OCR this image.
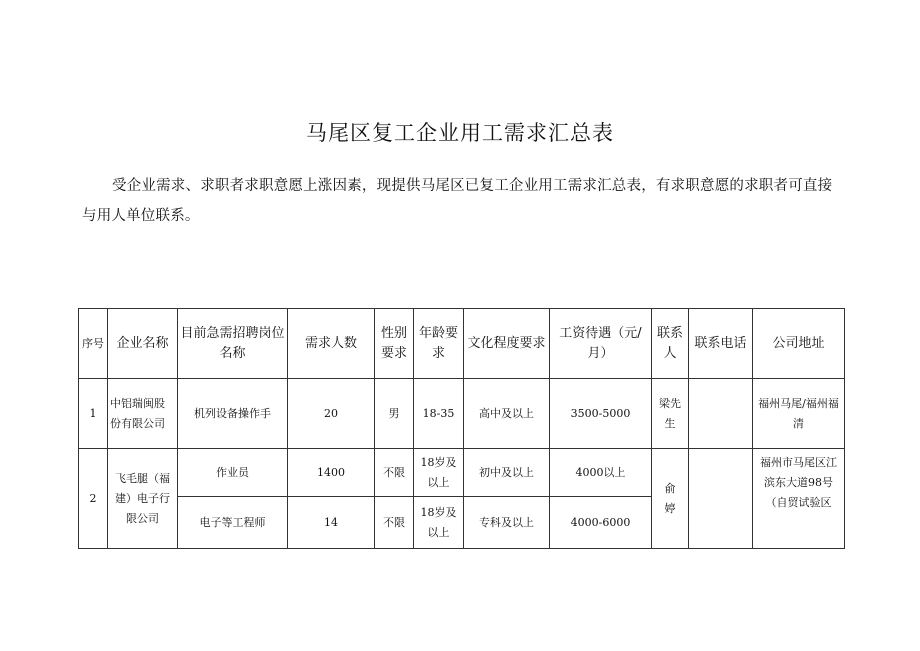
马尾区复工企业用工需求汇总表
受企业需求、求职者求职意愿上涨因素，现提供马尾区已复工企业用工需求汇总表，有求职意愿的求职者可直接与用人单位联系。
序号	企业名称	目前急需招聘岗位名称	需求人数	性别要求	年龄要求	文化程度要求	工资待遇（元/月）	联系人	联系电话	公司地址
1	中铝瑞闽股份有限公司	机列设备操作手	20	男	18-35	高中及以上	3500-5000	梁先生		福州马尾/福州福清
2	飞毛腿（福建）电子行限公司	作业员	1400	不限	18岁及以上	初中及以上	4000以上	俞婷		福州市马尾区江滨东大道98号（自贸试验区
		电子等工程师	14	不限	18岁及以上	专科及以上	4000-6000			
